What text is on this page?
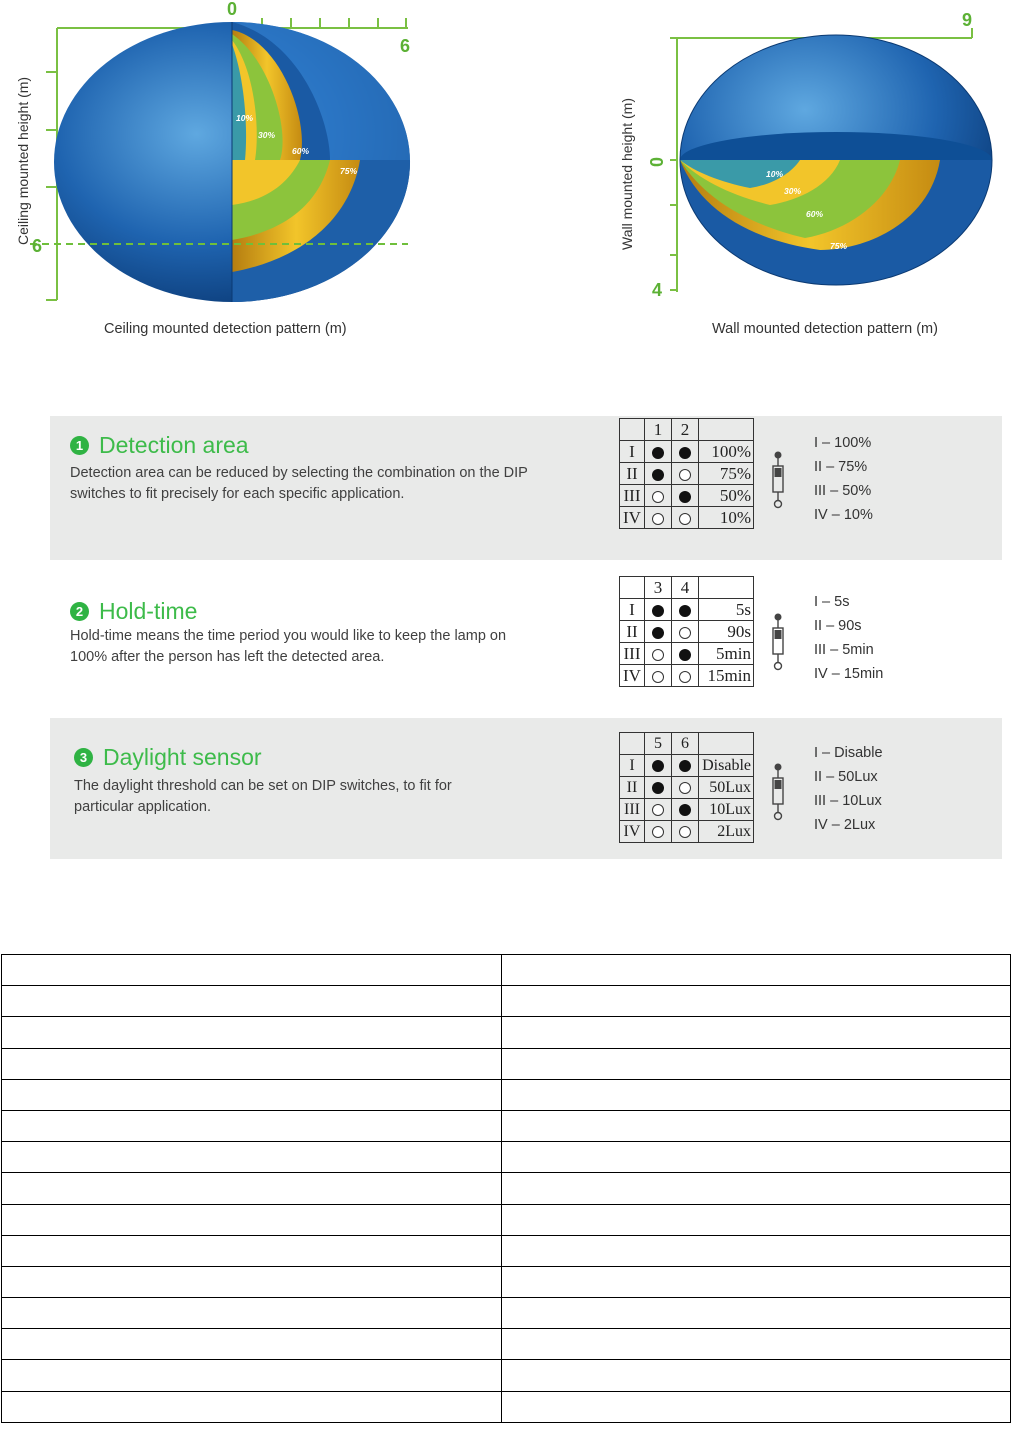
10%
30%
60%
75%
0
6
6
Ceiling mounted height (m)
Ceiling mounted detection pattern (m)
10%
30%
60%
75%
9
0
4
Wall mounted height (m)
Wall mounted detection pattern (m)
1 Detection area
Detection area can be reduced by selecting the combination on the DIP switches to fit precisely for each specific application.
	1	2	
I			100%
II			75%
III			50%
IV			10%
I – 100%
II – 75%
III – 50%
IV – 10%
2 Hold-time
Hold-time means the time period you would like to keep the lamp on 100% after the person has left the detected area.
	3	4	
I			5s
II			90s
III			5min
IV			15min
I – 5s
II – 90s
III – 5min
IV – 15min
3 Daylight sensor
The daylight threshold can be set on DIP switches, to fit for particular application.
	5	6	
I			Disable
II			50Lux
III			10Lux
IV			2Lux
I – Disable
II – 50Lux
III – 10Lux
IV – 2Lux
